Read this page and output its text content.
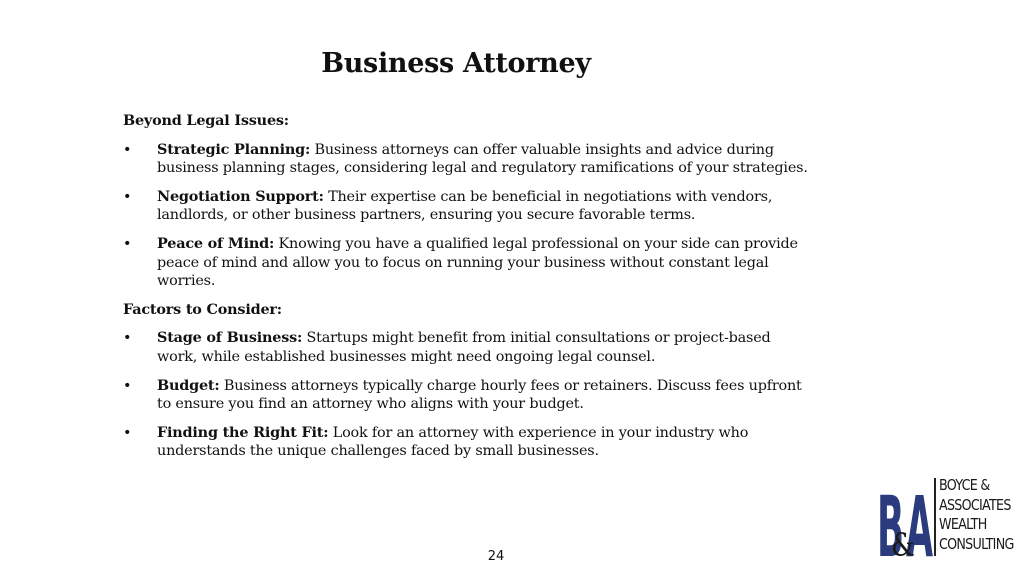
Business Attorney

Beyond Legal Issues:

• Strategic Planning: Business attorneys can offer valuable insights and advice during business planning stages, considering legal and regulatory ramifications of your strategies.
• Negotiation Support: Their expertise can be beneficial in negotiations with vendors, landlords, or other business partners, ensuring you secure favorable terms.
• Peace of Mind: Knowing you have a qualified legal professional on your side can provide peace of mind and allow you to focus on running your business without constant legal worries.

Factors to Consider:

• Stage of Business: Startups might benefit from initial consultations or project-based work, while established businesses might need ongoing legal counsel.
• Budget: Business attorneys typically charge hourly fees or retainers. Discuss fees upfront to ensure you find an attorney who aligns with your budget.
• Finding the Right Fit: Look for an attorney with experience in your industry who understands the unique challenges faced by small businesses.
B A
&
BOYCE &
ASSOCIATES
WEALTH
CONSULTING
24
